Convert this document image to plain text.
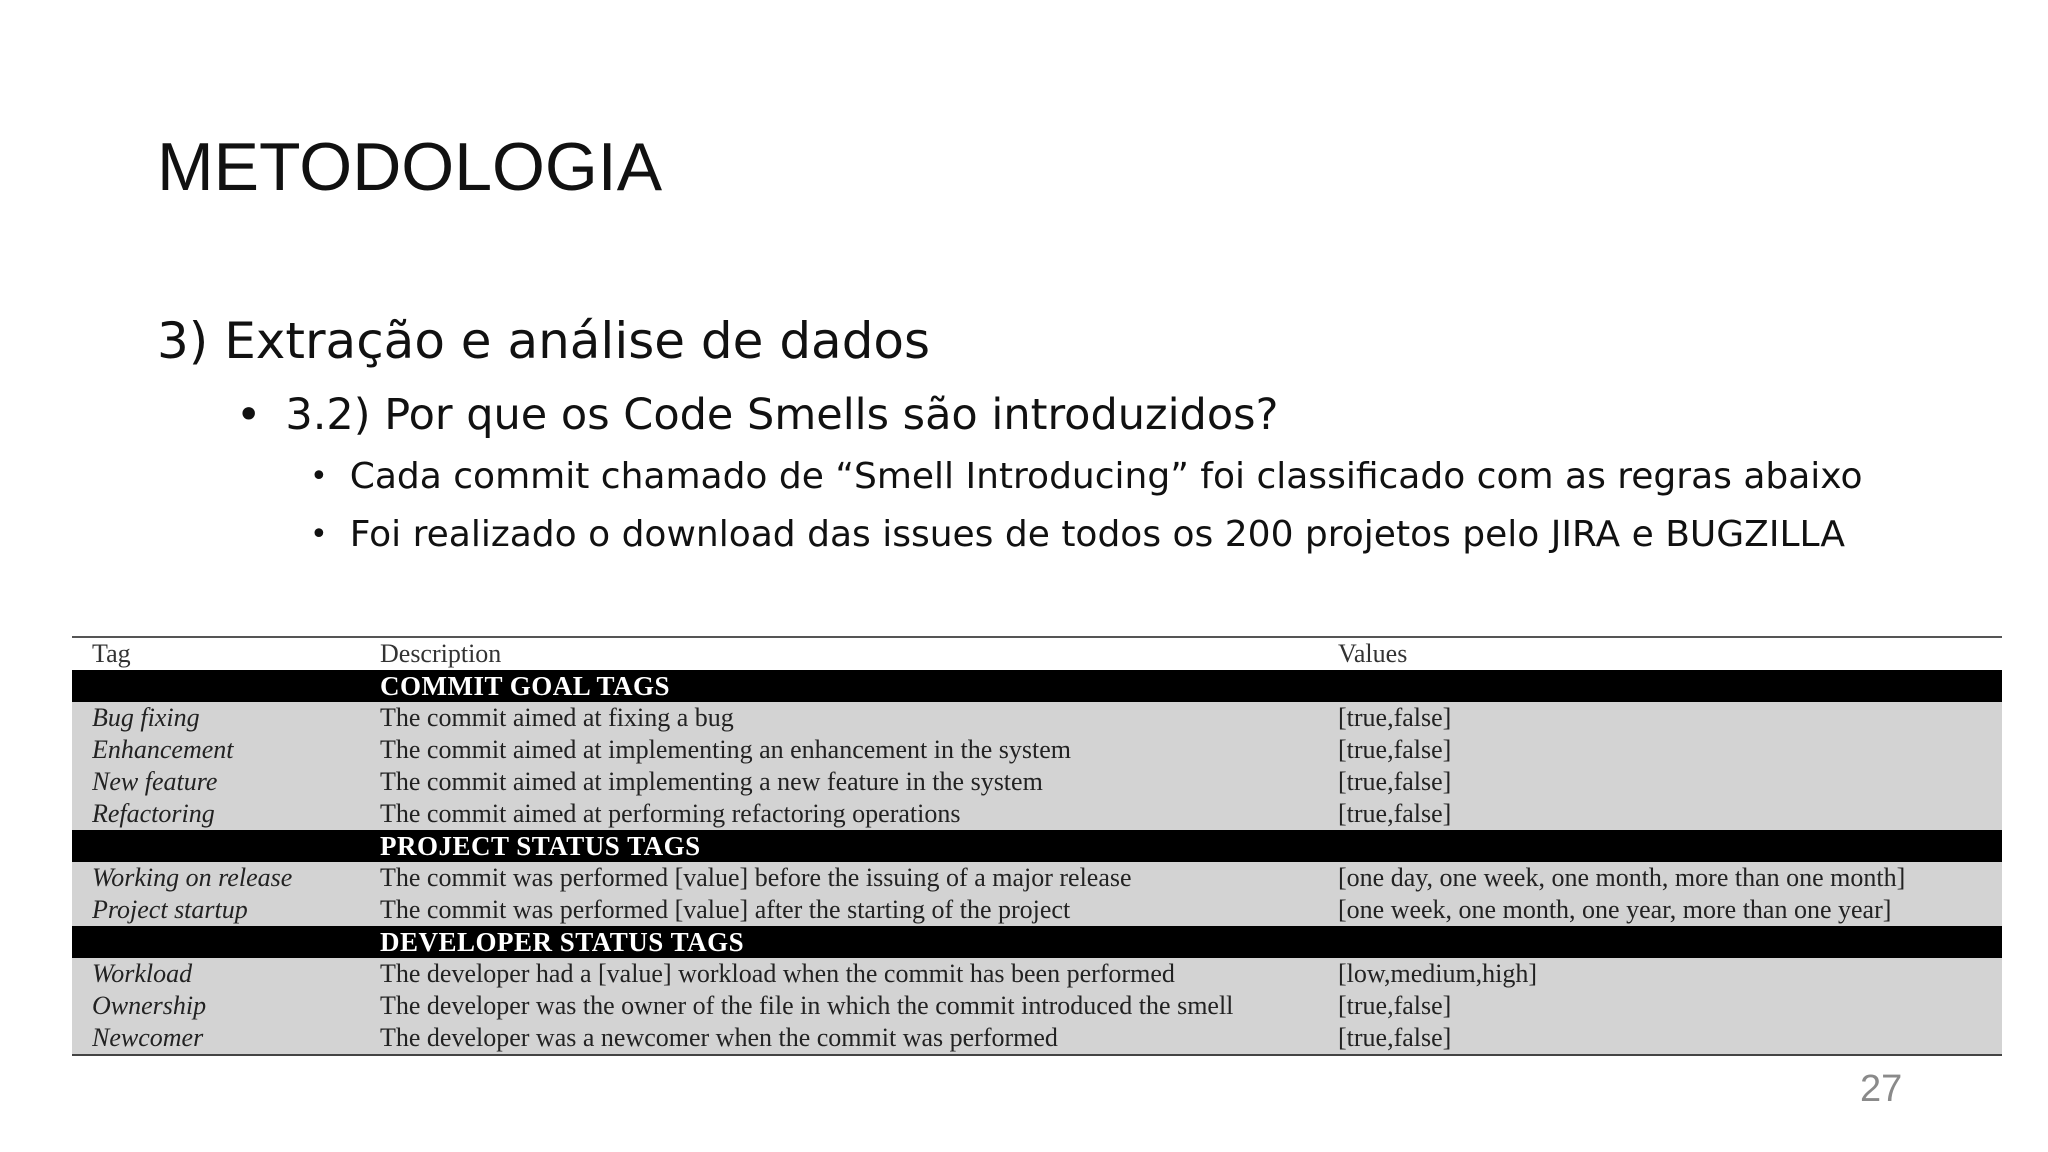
METODOLOGIA
3) Extração e análise de dados
• 3.2) Por que os Code Smells são introduzidos?
• Cada commit chamado de “Smell Introducing” foi classificado com as regras abaixo
• Foi realizado o download das issues de todos os 200 projetos pelo JIRA e BUGZILLA
	Tag	Description	Values
		COMMIT GOAL TAGS	
	Bug fixing	The commit aimed at fixing a bug	[true,false]
	Enhancement	The commit aimed at implementing an enhancement in the system	[true,false]
	New feature	The commit aimed at implementing a new feature in the system	[true,false]
	Refactoring	The commit aimed at performing refactoring operations	[true,false]
		PROJECT STATUS TAGS	
	Working on release	The commit was performed [value] before the issuing of a major release	[one day, one week, one month, more than one month]
	Project startup	The commit was performed [value] after the starting of the project	[one week, one month, one year, more than one year]
		DEVELOPER STATUS TAGS	
	Workload	The developer had a [value] workload when the commit has been performed	[low,medium,high]
	Ownership	The developer was the owner of the file in which the commit introduced the smell	[true,false]
	Newcomer	The developer was a newcomer when the commit was performed	[true,false]
27
